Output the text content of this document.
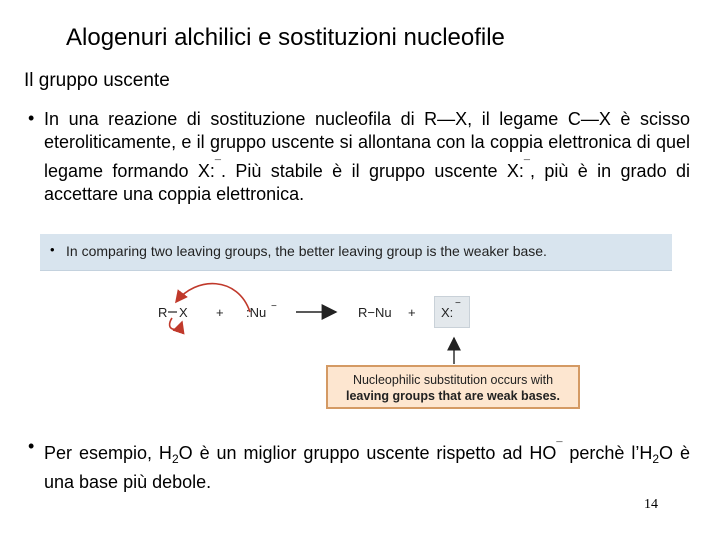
Alogenuri alchilici e sostituzioni nucleofile
Il gruppo uscente
• In una reazione di sostituzione nucleofila di R—X, il legame C—X è scisso eteroliticamente, e il gruppo uscente si allontana con la coppia elettronica di quel legame formando X:¯. Più stabile è il gruppo uscente X:¯, più è in grado di accettare una coppia elettronica.
• In comparing two leaving groups, the better leaving group is the weaker base.
R X + :Nu −	R−Nu + X:
−
Nucleophilic substitution occurs with
leaving groups that are weak bases.
• Per esempio, $H_2O$ è un miglior gruppo uscente rispetto ad HO¯ perchè $l’H_2O$ è una base più debole.
14
